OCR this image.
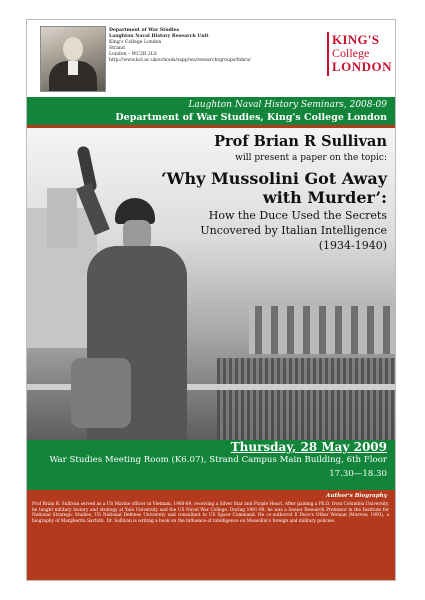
Department of War Studies
Laughton Naval History Research Unit
King's College London
Strand
London – WC2R 2LS
http://www.kcl.ac.uk/schools/sspp/ws/research/groups/lnhru/
KING'S
College
LONDON
Laughton Naval History Seminars, 2008-09
Department of War Studies, King's College London
Prof Brian R Sullivan
will present a paper on the topic:
‘Why Mussolini Got Away
with Murder’:
How the Duce Used the Secrets
Uncovered by Italian Intelligence
(1934-1940)
Thursday, 28 May 2009
War Studies Meeting Room (K6.07), Strand Campus Main Building, 6th Floor
17.30—18.30
Author's Biography
Prof Brian R. Sullivan served as a US Marine officer in Vietnam, 1968-69, receiving a Silver Star and Purple Heart. After gaining a Ph.D. from Columbia University, he taught military history and strategy at Yale University and the US Naval War College. During 1991-98, he was a Senior Research Professor in the Institute for National Strategic Studies, US National Defense University and consultant to US Space Command. He co-authored Il Duce's Other Woman (Morrow, 1993), a biography of Margherita Sarfatti. Dr. Sullivan is writing a book on the influence of intelligence on Mussolini's foreign and military policies.
